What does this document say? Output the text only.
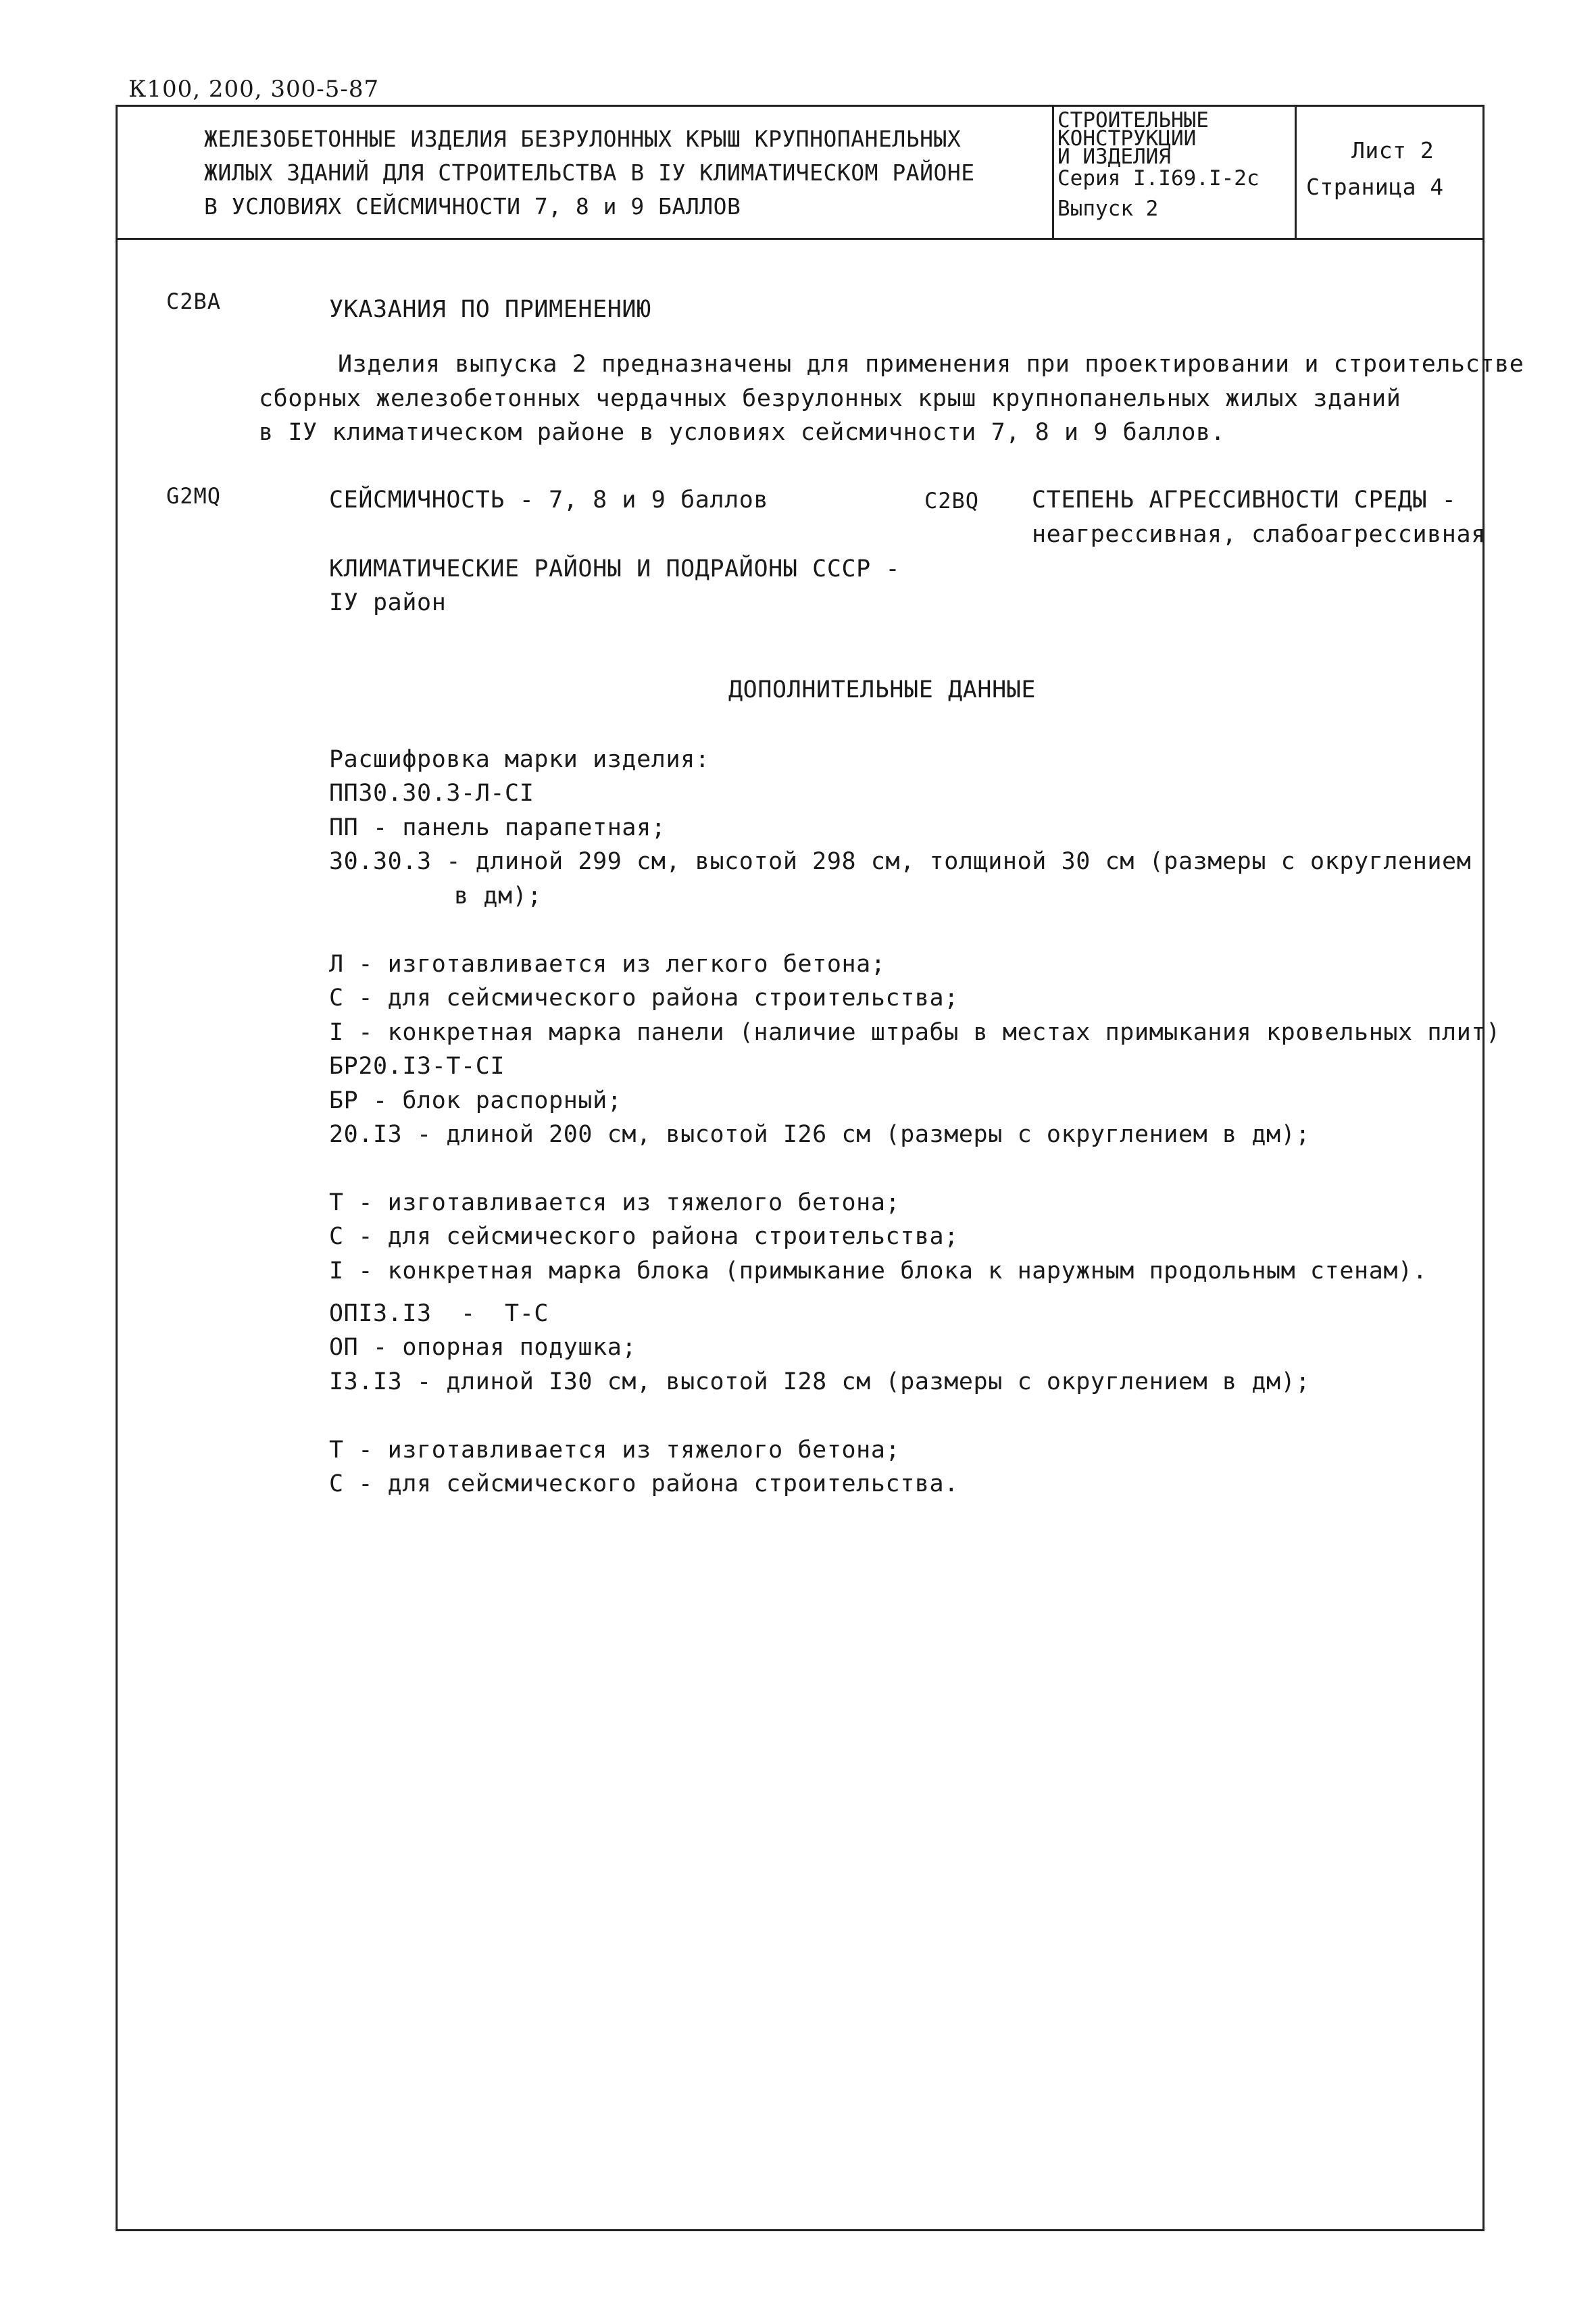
К100, 200, 300-5-87
ЖЕЛЕЗОБЕТОННЫЕ ИЗДЕЛИЯ БЕЗРУЛОННЫХ КРЫШ КРУПНОПАНЕЛЬНЫХ
ЖИЛЫХ ЗДАНИЙ ДЛЯ СТРОИТЕЛЬСТВА В IУ КЛИМАТИЧЕСКОМ РАЙОНЕ
В УСЛОВИЯХ СЕЙСМИЧНОСТИ 7, 8 и 9 БАЛЛОВ
СТРОИТЕЛЬНЫЕ
КОНСТРУКЦИИ
И ИЗДЕЛИЯ
Серия I.I69.I-2с
Выпуск 2
Лист 2
Страница 4
С2ВА
G2MQ	С2ВQ
УКАЗАНИЯ ПО ПРИМЕНЕНИЮ
Изделия выпуска 2 предназначены для применения при проектировании и строительстве
сборных железобетонных чердачных безрулонных крыш крупнопанельных жилых зданий
в IУ климатическом районе в условиях сейсмичности 7, 8 и 9 баллов.
СЕЙСМИЧНОСТЬ - 7, 8 и 9 баллов	СТЕПЕНЬ АГРЕССИВНОСТИ СРЕДЫ -
неагрессивная, слабоагрессивная
КЛИМАТИЧЕСКИЕ РАЙОНЫ И ПОДРАЙОНЫ СССР -
IУ район
ДОПОЛНИТЕЛЬНЫЕ ДАННЫЕ
Расшифровка марки изделия:
ПП30.30.3-Л-СI
ПП - панель парапетная;
30.30.3 - длиной 299 см, высотой 298 см, толщиной 30 см (размеры с округлением
в дм);
Л - изготавливается из легкого бетона;
С - для сейсмического района строительства;
I - конкретная марка панели (наличие штрабы в местах примыкания кровельных плит)
БР20.I3-Т-СI
БР - блок распорный;
20.I3 - длиной 200 см, высотой I26 см (размеры с округлением в дм);
Т - изготавливается из тяжелого бетона;
С - для сейсмического района строительства;
I - конкретная марка блока (примыкание блока к наружным продольным стенам).
ОПI3.I3  -  Т-С
ОП - опорная подушка;
I3.I3 - длиной I30 см, высотой I28 см (размеры с округлением в дм);
Т - изготавливается из тяжелого бетона;
С - для сейсмического района строительства.
